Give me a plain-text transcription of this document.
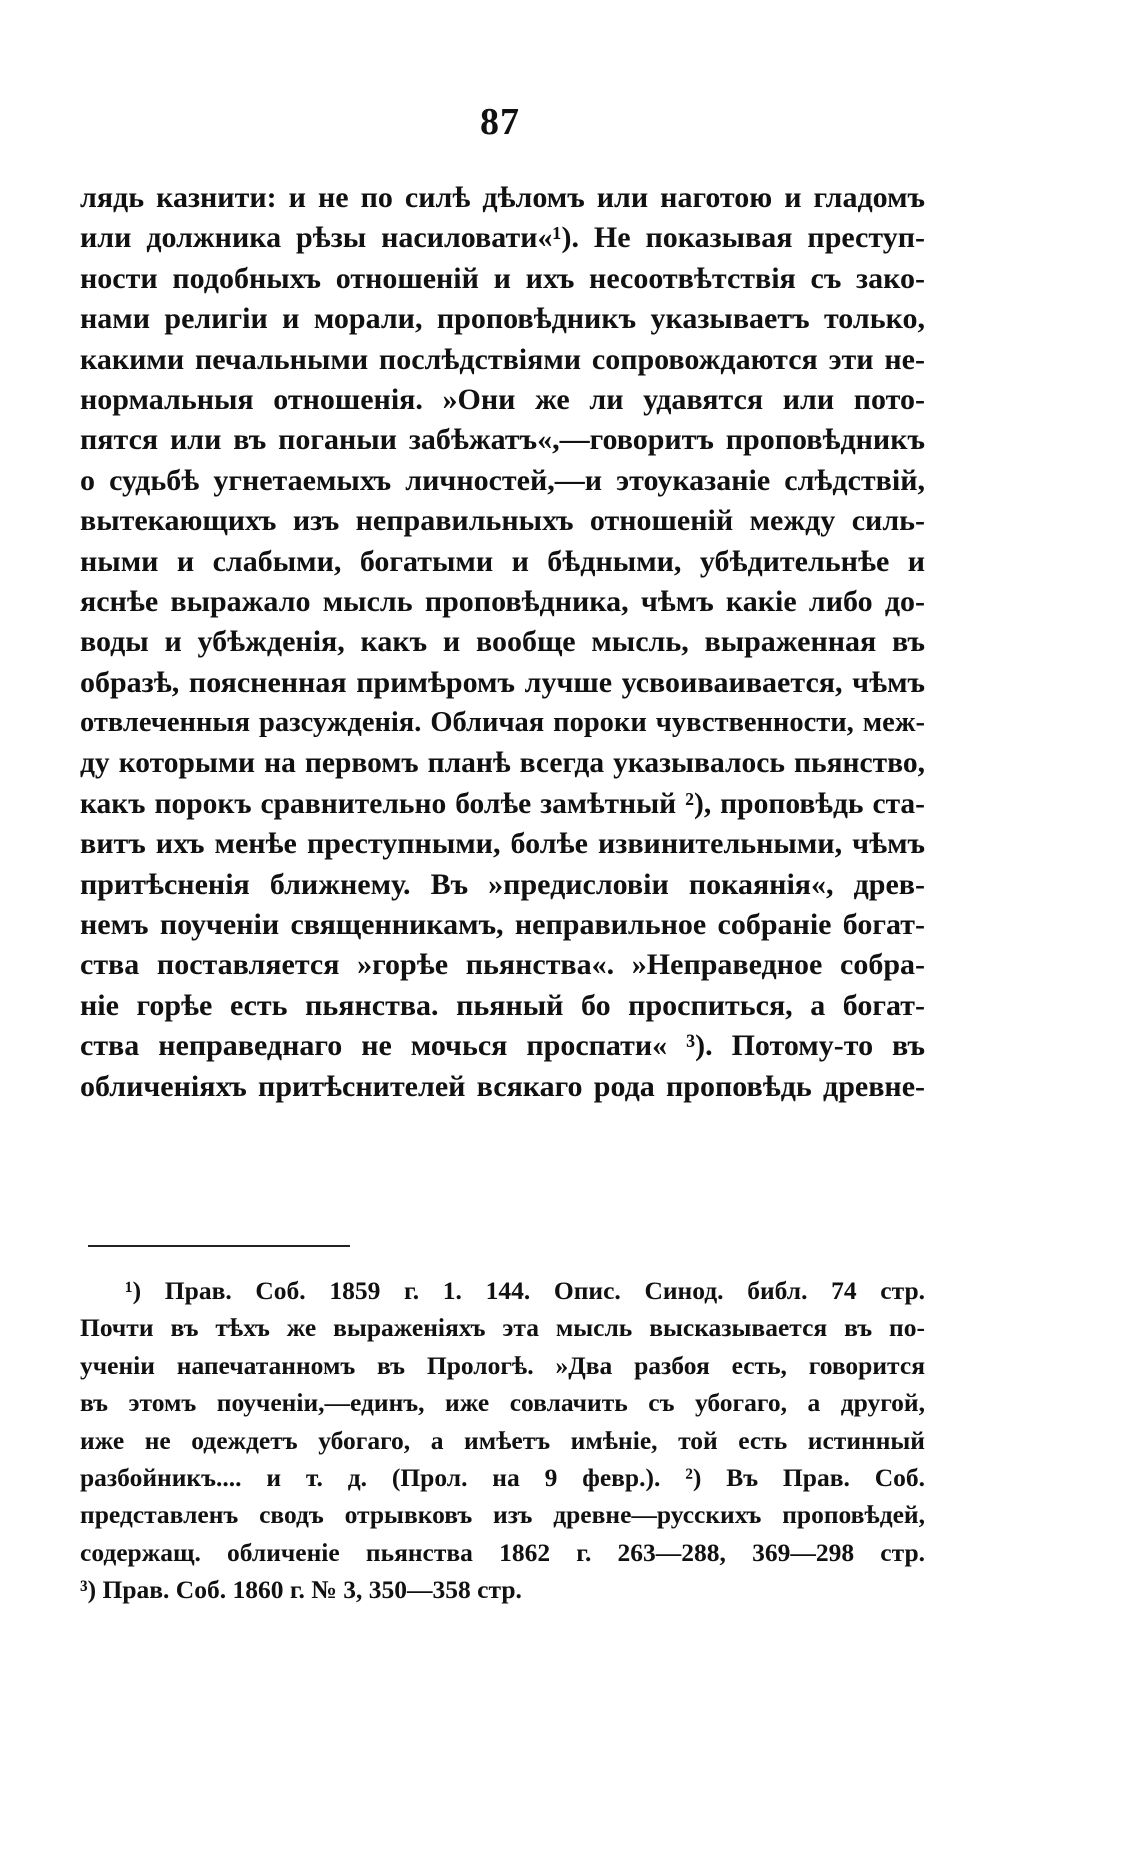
87
лядь казнити: и не по силѣ дѣломъ или наготою и гладомъ
или должника рѣзы насиловати«¹). Не показывая преступ-
ности подобныхъ отношеній и ихъ несоотвѣтствія съ зако-
нами религіи и морали, проповѣдникъ указываетъ только,
какими печальными послѣдствіями сопровождаются эти не-
нормальныя отношенія. »Они же ли удавятся или пото-
пятся или въ поганыи забѣжатъ«,—говоритъ проповѣдникъ
о судьбѣ угнетаемыхъ личностей,—и этоуказаніе слѣдствій,
вытекающихъ изъ неправильныхъ отношеній между силь-
ными и слабыми, богатыми и бѣдными, убѣдительнѣе и
яснѣе выражало мысль проповѣдника, чѣмъ какіе либо до-
воды и убѣжденія, какъ и вообще мысль, выраженная въ
образѣ, поясненная примѣромъ лучше усвоиваивается, чѣмъ
отвлеченныя разсужденія. Обличая пороки чувственности, меж-
ду которыми на первомъ планѣ всегда указывалось пьянство,
какъ порокъ сравнительно болѣе замѣтный ²), проповѣдь ста-
витъ ихъ менѣе преступными, болѣе извинительными, чѣмъ
притѣсненія ближнему. Въ »предисловіи покаянія«, древ-
немъ поученіи священникамъ, неправильное собраніе богат-
ства поставляется »горѣе пьянства«. »Неправедное собра-
ніе горѣе есть пьянства. пьяный бо проспиться, а богат-
ства неправеднаго не мочься проспати« ³). Потому-то въ
обличеніяхъ притѣснителей всякаго рода проповѣдь древне-
¹) Прав. Соб. 1859 г. 1. 144. Опис. Синод. библ. 74 стр.
Почти въ тѣхъ же выраженіяхъ эта мысль высказывается въ по-
ученіи напечатанномъ въ Прологѣ. »Два разбоя есть, говорится
въ этомъ поученіи,—единъ, иже совлачить съ убогаго, а другой,
иже не одеждетъ убогаго, а имѣетъ имѣніе, той есть истинный
разбойникъ.... и т. д. (Прол. на 9 февр.). ²) Въ Прав. Соб.
представленъ сводъ отрывковъ изъ древне—русскихъ проповѣдей,
содержащ. обличеніе пьянства 1862 г. 263—288, 369—298 стр.
³) Прав. Соб. 1860 г. № 3, 350—358 стр.
